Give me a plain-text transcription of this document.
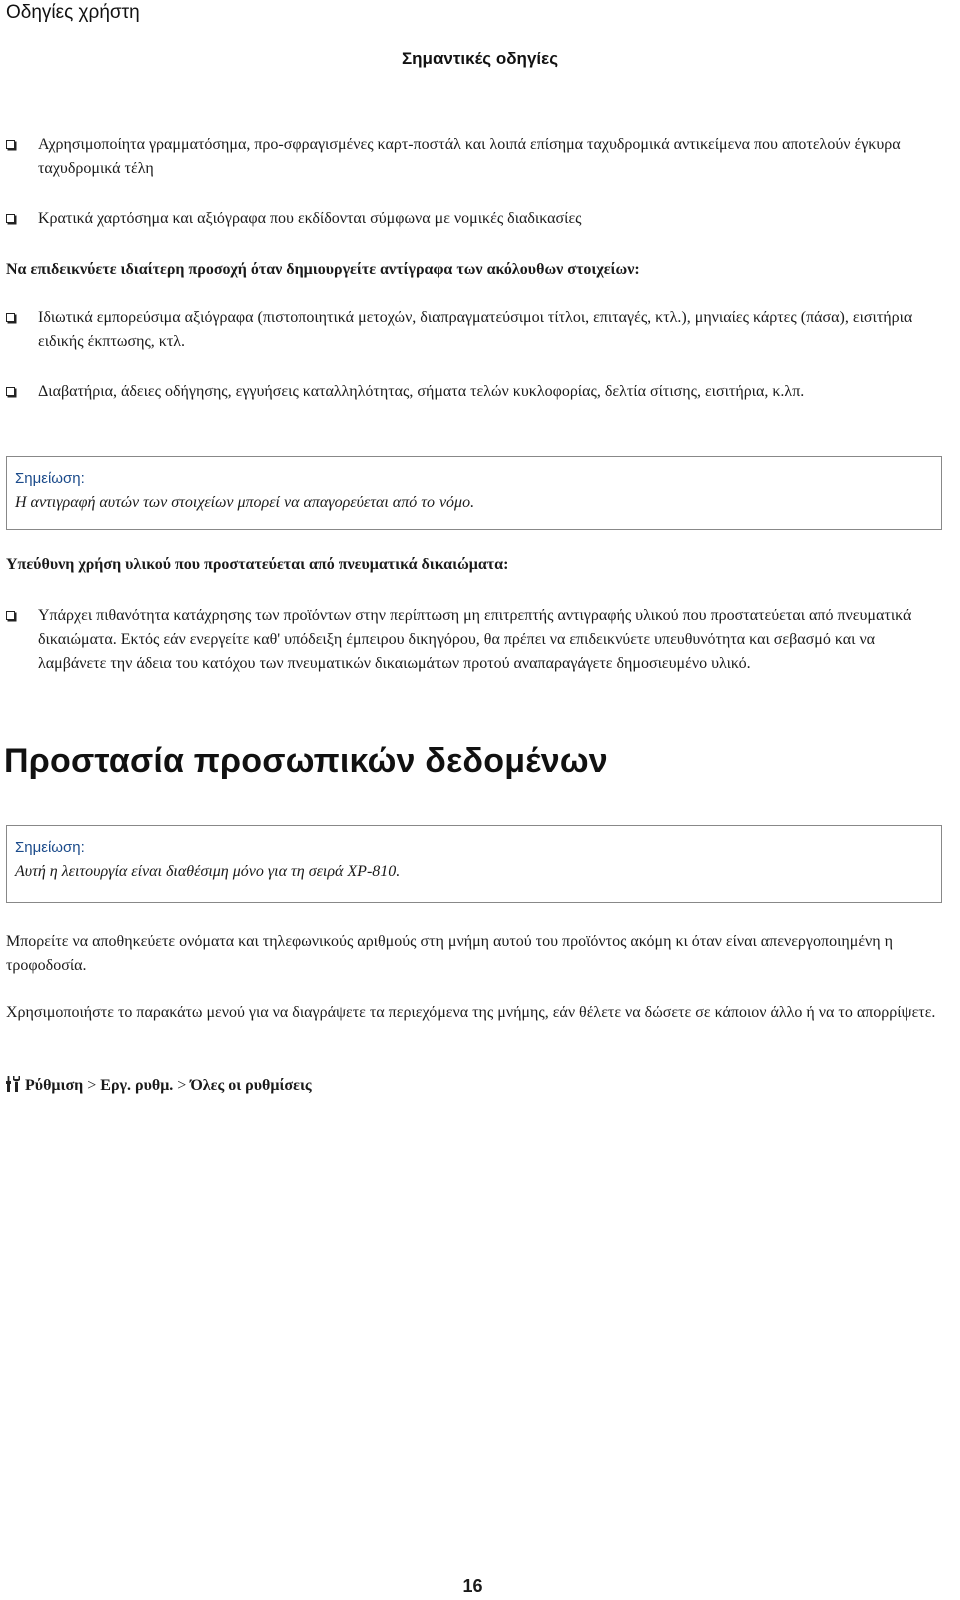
Οδηγίες χρήστη
Σημαντικές οδηγίες
Αχρησιμοποίητα γραμματόσημα, προ-σφραγισμένες καρτ-ποστάλ και λοιπά επίσημα ταχυδρομικά αντικείμενα που αποτελούν έγκυρα ταχυδρομικά τέλη
Κρατικά χαρτόσημα και αξιόγραφα που εκδίδονται σύμφωνα με νομικές διαδικασίες
Να επιδεικνύετε ιδιαίτερη προσοχή όταν δημιουργείτε αντίγραφα των ακόλουθων στοιχείων:
Ιδιωτικά εμπορεύσιμα αξιόγραφα (πιστοποιητικά μετοχών, διαπραγματεύσιμοι τίτλοι, επιταγές, κτλ.), μηνιαίες κάρτες (πάσα), εισιτήρια ειδικής έκπτωσης, κτλ.
Διαβατήρια, άδειες οδήγησης, εγγυήσεις καταλληλότητας, σήματα τελών κυκλοφορίας, δελτία σίτισης, εισιτήρια, κ.λπ.
Σημείωση:
Η αντιγραφή αυτών των στοιχείων μπορεί να απαγορεύεται από το νόμο.
Υπεύθυνη χρήση υλικού που προστατεύεται από πνευματικά δικαιώματα:
Υπάρχει πιθανότητα κατάχρησης των προϊόντων στην περίπτωση μη επιτρεπτής αντιγραφής υλικού που προστατεύεται από πνευματικά δικαιώματα. Εκτός εάν ενεργείτε καθ' υπόδειξη έμπειρου δικηγόρου, θα πρέπει να επιδεικνύετε υπευθυνότητα και σεβασμό και να λαμβάνετε την άδεια του κατόχου των πνευματικών δικαιωμάτων προτού αναπαραγάγετε δημοσιευμένο υλικό.
Προστασία προσωπικών δεδομένων
Σημείωση:
Αυτή η λειτουργία είναι διαθέσιμη μόνο για τη σειρά XP-810.
Μπορείτε να αποθηκεύετε ονόματα και τηλεφωνικούς αριθμούς στη μνήμη αυτού του προϊόντος ακόμη κι όταν είναι απενεργοποιημένη η τροφοδοσία.
Χρησιμοποιήστε το παρακάτω μενού για να διαγράψετε τα περιεχόμενα της μνήμης, εάν θέλετε να δώσετε σε κάποιον άλλο ή να το απορρίψετε.
Ρύθμιση > Εργ. ρυθμ. > Όλες οι ρυθμίσεις
16
